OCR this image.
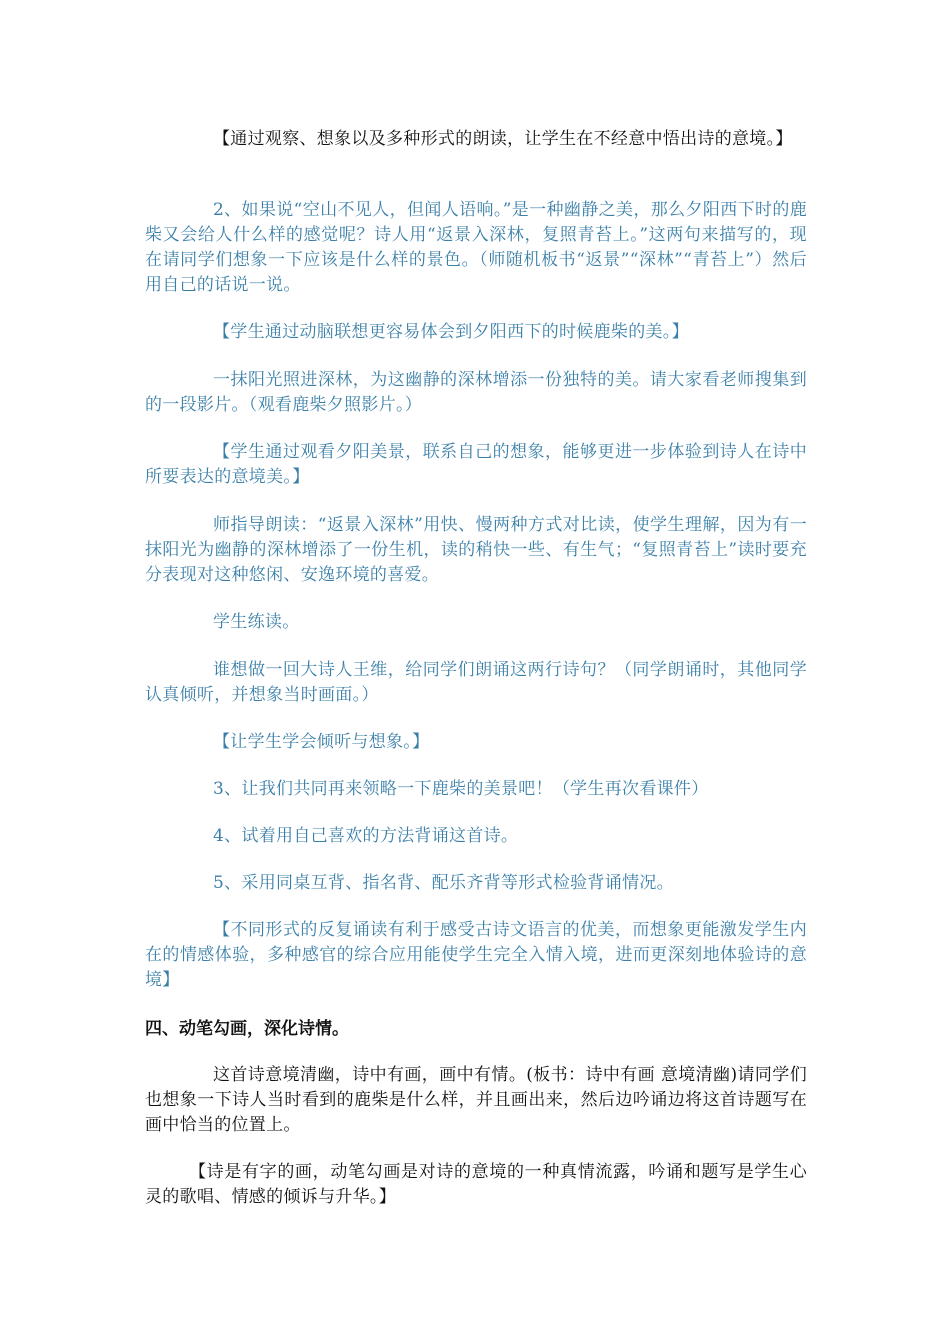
【通过观察、想象以及多种形式的朗读，让学生在不经意中悟出诗的意境。】

2、如果说“空山不见人，但闻人语响。”是一种幽静之美，那么夕阳西下时的鹿柴又会给人什么样的感觉呢？诗人用“返景入深林，复照青苔上。”这两句来描写的，现在请同学们想象一下应该是什么样的景色。（师随机板书“返景”“深林”“青苔上”）然后用自己的话说一说。

【学生通过动脑联想更容易体会到夕阳西下的时候鹿柴的美。】

一抹阳光照进深林，为这幽静的深林增添一份独特的美。请大家看老师搜集到的一段影片。（观看鹿柴夕照影片。）

【学生通过观看夕阳美景，联系自己的想象，能够更进一步体验到诗人在诗中所要表达的意境美。】

师指导朗读：“返景入深林”用快、慢两种方式对比读，使学生理解，因为有一抹阳光为幽静的深林增添了一份生机，读的稍快一些、有生气；“复照青苔上”读时要充分表现对这种悠闲、安逸环境的喜爱。

学生练读。

谁想做一回大诗人王维，给同学们朗诵这两行诗句？（同学朗诵时，其他同学认真倾听，并想象当时画面。）

【让学生学会倾听与想象。】

3、让我们共同再来领略一下鹿柴的美景吧！（学生再次看课件）

4、试着用自己喜欢的方法背诵这首诗。

5、采用同桌互背、指名背、配乐齐背等形式检验背诵情况。

【不同形式的反复诵读有利于感受古诗文语言的优美，而想象更能激发学生内在的情感体验，多种感官的综合应用能使学生完全入情入境，进而更深刻地体验诗的意境】

四、动笔勾画，深化诗情。

这首诗意境清幽，诗中有画，画中有情。(板书：诗中有画 意境清幽)请同学们也想象一下诗人当时看到的鹿柴是什么样，并且画出来，然后边吟诵边将这首诗题写在画中恰当的位置上。

【诗是有字的画，动笔勾画是对诗的意境的一种真情流露，吟诵和题写是学生心灵的歌唱、情感的倾诉与升华。】
